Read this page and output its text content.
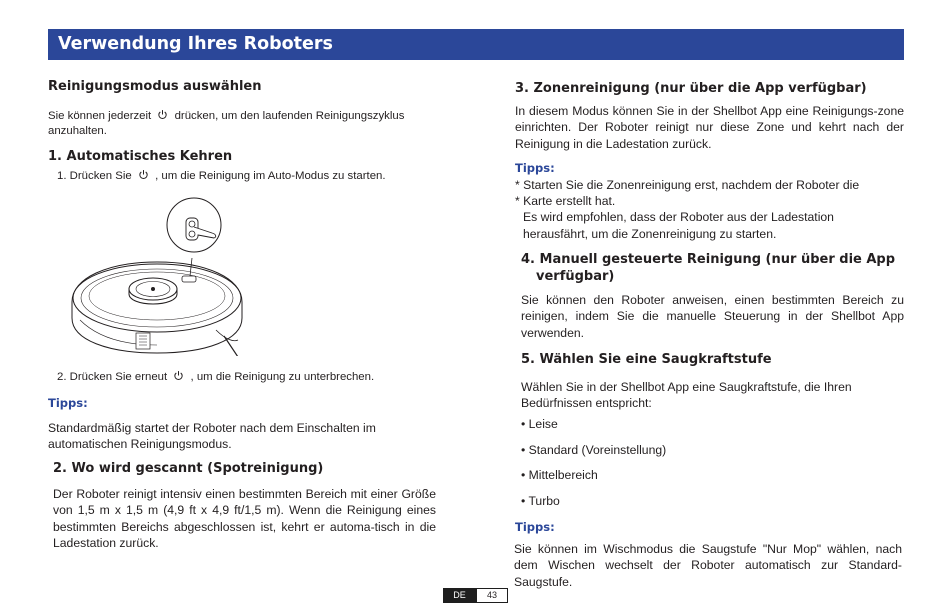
Verwendung Ihres Roboters
Reinigungsmodus auswählen
Sie können jederzeit drücken, um den laufenden Reinigungszyklus
anzuhalten.
1. Automatisches Kehren
1. Drücken Sie , um die Reinigung im Auto-Modus zu starten.
2. Drücken Sie erneut , um die Reinigung zu unterbrechen.
Tipps:
Standardmäßig startet der Roboter nach dem Einschalten im
automatischen Reinigungsmodus.
2. Wo wird gescannt (Spotreinigung)
Der Roboter reinigt intensiv einen bestimmten Bereich mit einer Größe von 1,5 m x 1,5 m (4,9 ft x 4,9 ft/1,5 m). Wenn die Reinigung eines bestimmten Bereichs abgeschlossen ist, kehrt er automa-tisch in die Ladestation zurück.
3. Zonenreinigung (nur über die App verfügbar)
In diesem Modus können Sie in der Shellbot App eine Reinigungs-zone einrichten. Der Roboter reinigt nur diese Zone und kehrt nach der Reinigung in die Ladestation zurück.
Tipps:
* Starten Sie die Zonenreinigung erst, nachdem der Roboter die
* Karte erstellt hat.
Es wird empfohlen, dass der Roboter aus der Ladestation
herausfährt, um die Zonenreinigung zu starten.
4. Manuell gesteuerte Reinigung (nur über die App
verfügbar)
Sie können den Roboter anweisen, einen bestimmten Bereich zu reinigen, indem Sie die manuelle Steuerung in der Shellbot App verwenden.
5. Wählen Sie eine Saugkraftstufe
Wählen Sie in der Shellbot App eine Saugkraftstufe, die Ihren
Bedürfnissen entspricht:
• Leise
• Standard (Voreinstellung)
• Mittelbereich
• Turbo
Tipps:
Sie können im Wischmodus die Saugstufe "Nur Mop" wählen, nach dem Wischen wechselt der Roboter automatisch zur Standard-Saugstufe.
DE	43
